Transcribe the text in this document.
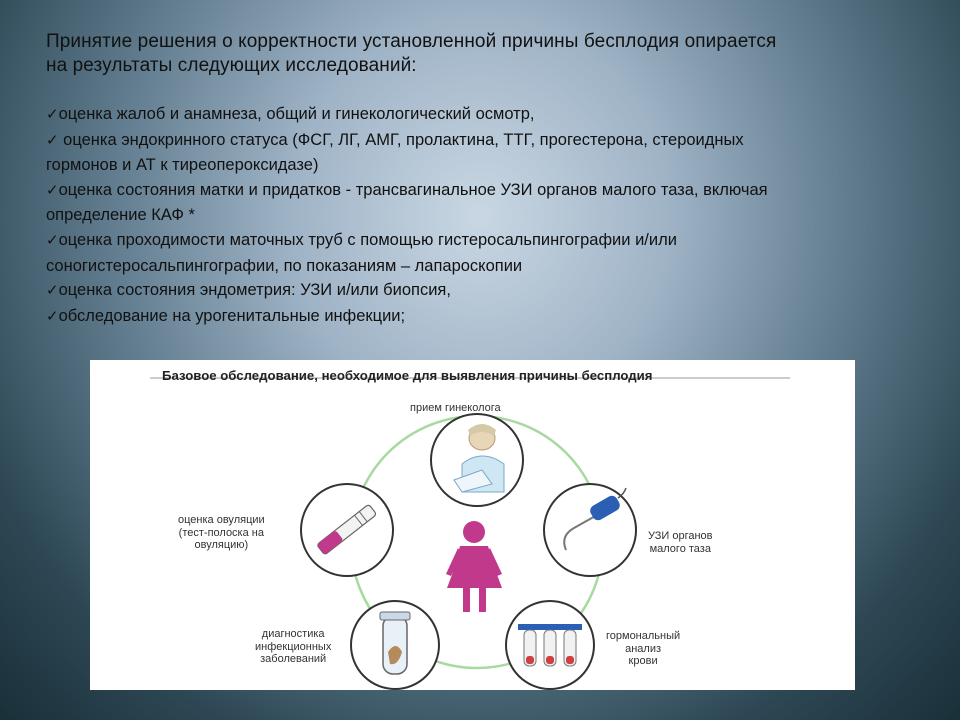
Принятие решения о корректности установленной причины бесплодия опирается
на результаты следующих исследований:

✓оценка жалоб и анамнеза, общий и гинекологический осмотр,
✓ оценка эндокринного статуса (ФСГ, ЛГ, АМГ, пролактина, ТТГ, прогестерона, стероидных
гормонов и АТ к тиреопероксидазе)
✓оценка состояния матки и придатков - трансвагинальное УЗИ органов малого таза, включая
определение КАФ *
✓оценка проходимости маточных труб с помощью гистеросальпингографии и/или
соногистеросальпингографии, по показаниям – лапароскопии
✓оценка состояния эндометрия: УЗИ и/или биопсия,
✓обследование на урогенитальные инфекции;
Базовое обследование, необходимое для выявления причины бесплодия
прием гинеколога
оценка овуляции
(тест-полоска на
овуляцию)
УЗИ органов
малого таза
диагностика
инфекционных
заболеваний
гормональный
анализ
крови
